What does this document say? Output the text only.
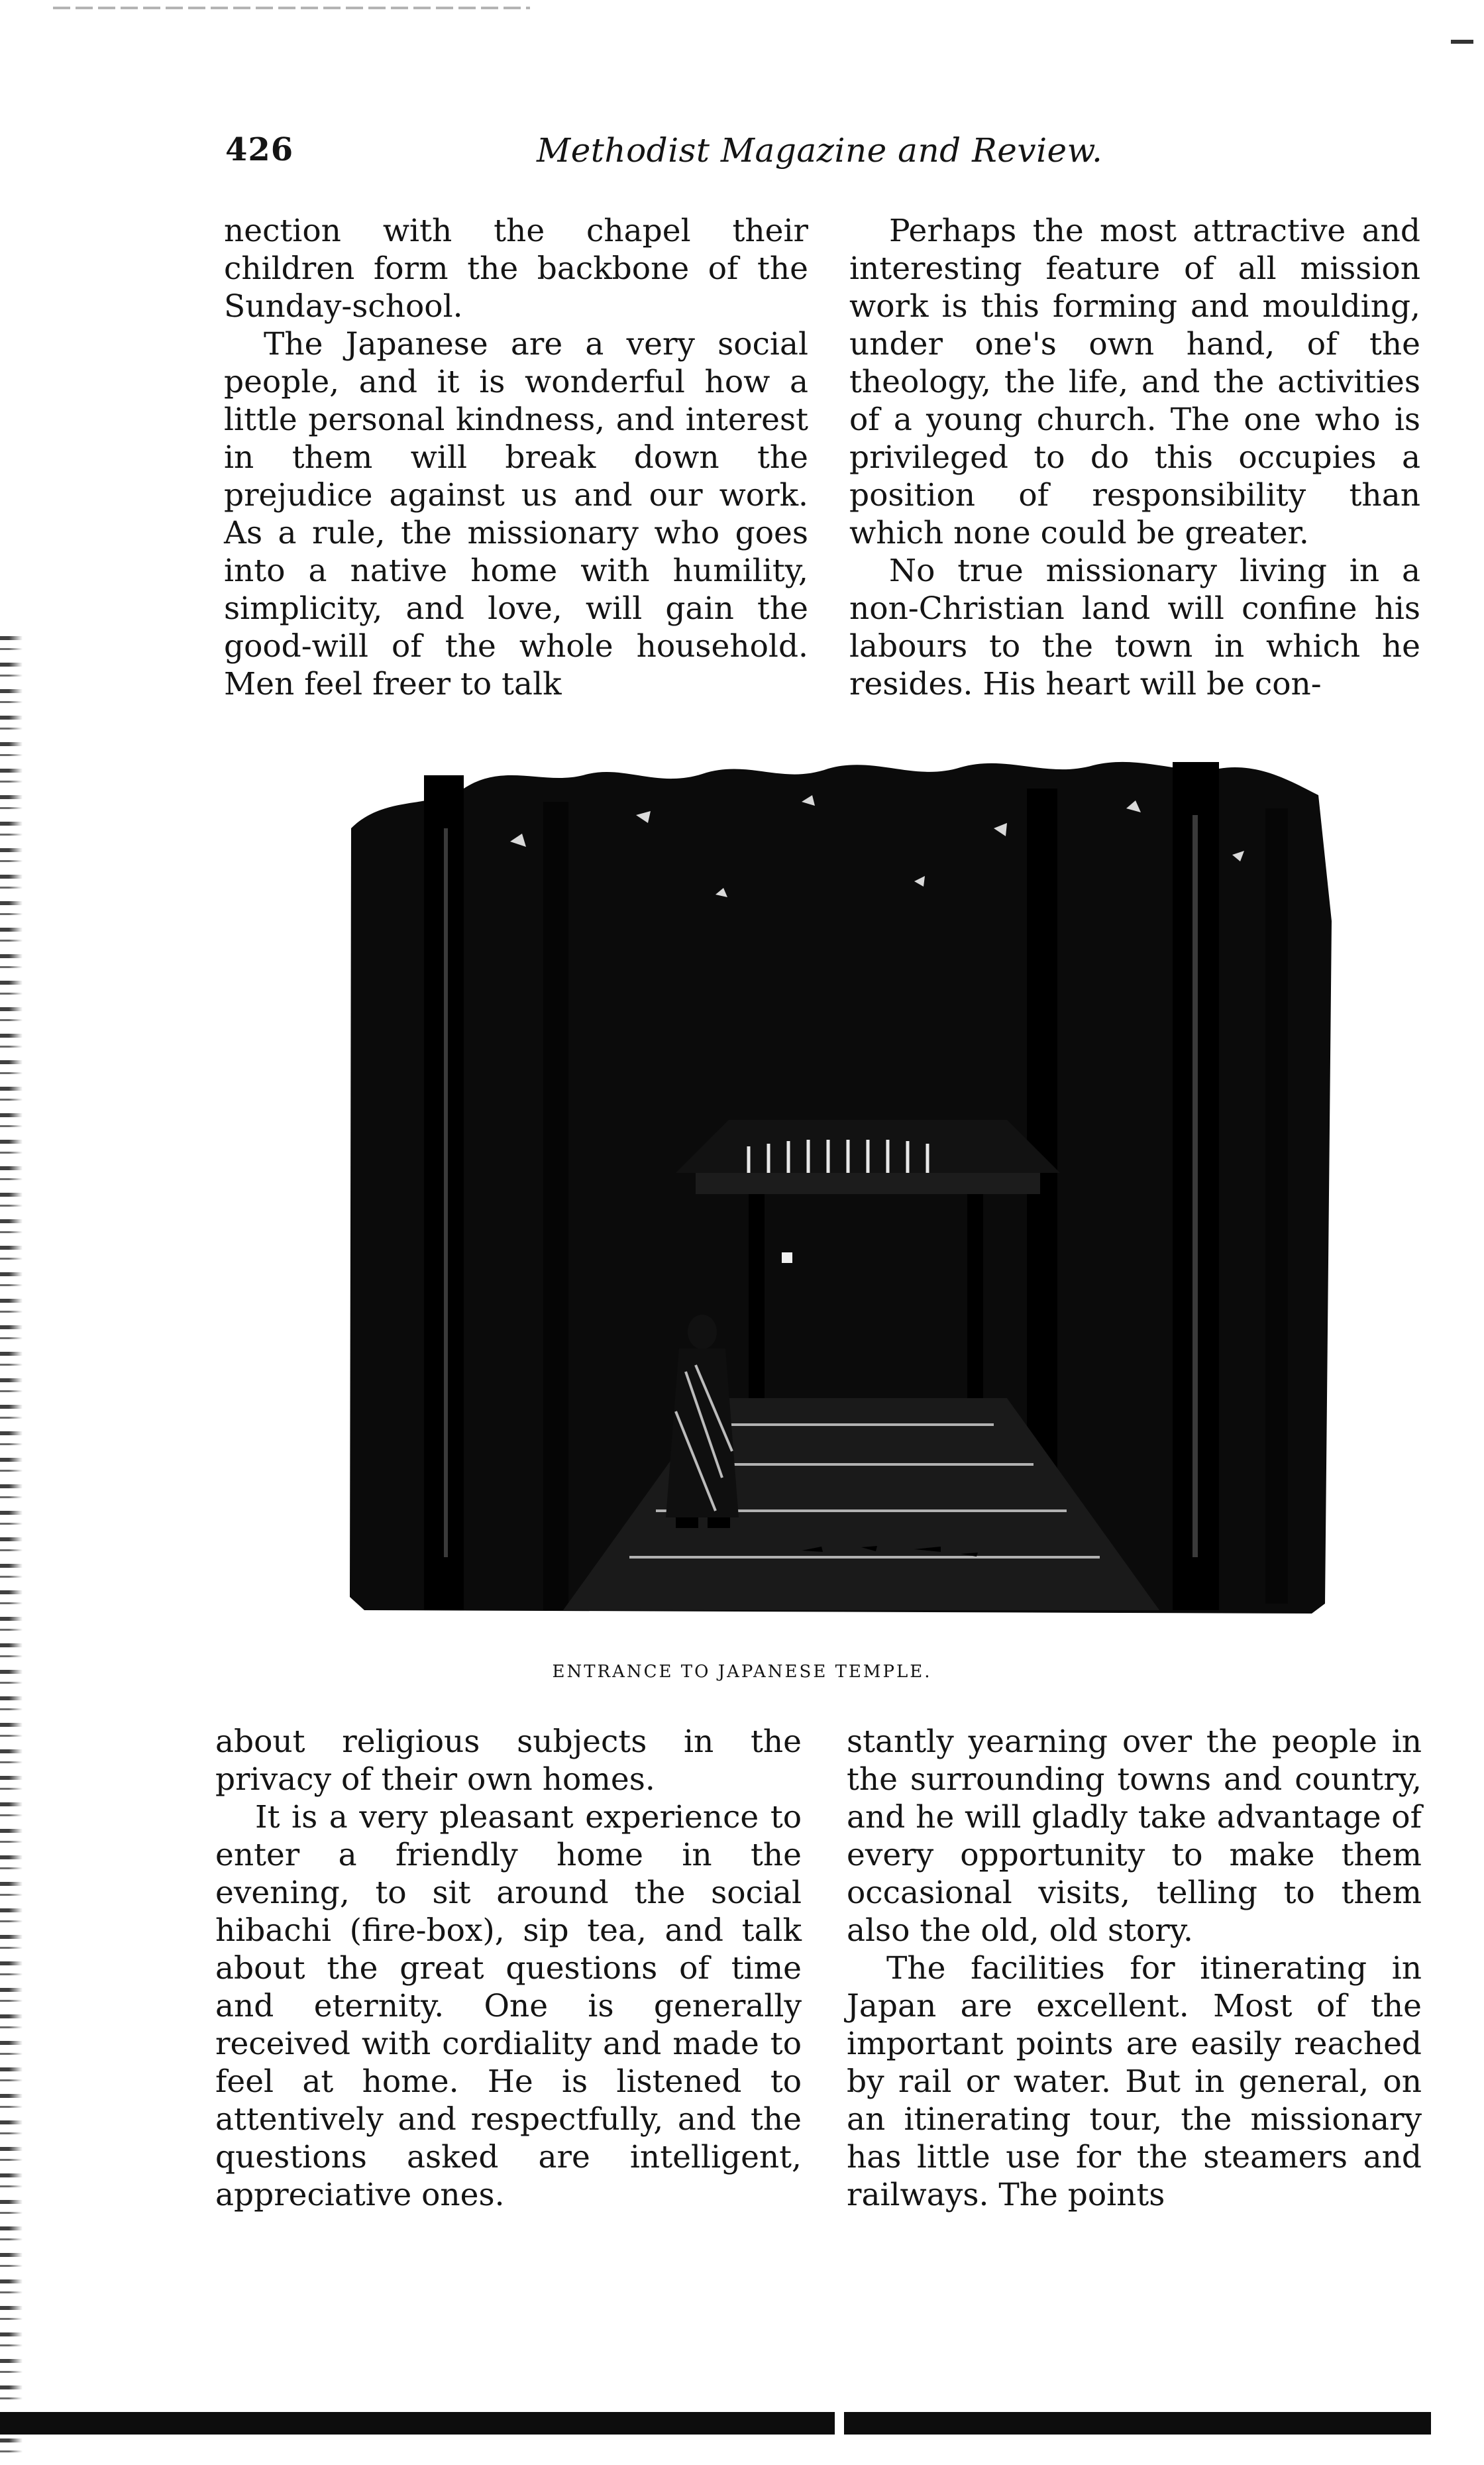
426	Methodist Magazine and Review.

nection with the chapel their children form the backbone of the Sunday-school.

The Japanese are a very social people, and it is wonderful how a little personal kindness, and interest in them will break down the prejudice against us and our work. As a rule, the missionary who goes into a native home with humility, simplicity, and love, will gain the good-will of the whole household. Men feel freer to talk

Perhaps the most attractive and interesting feature of all mission work is this forming and moulding, under one's own hand, of the theology, the life, and the activities of a young church. The one who is privileged to do this occupies a position of responsibility than which none could be greater.

No true missionary living in a non-Christian land will confine his labours to the town in which he resides. His heart will be con-

ENTRANCE TO JAPANESE TEMPLE.

about religious subjects in the privacy of their own homes.

It is a very pleasant experience to enter a friendly home in the evening, to sit around the social hibachi (fire-box), sip tea, and talk about the great questions of time and eternity. One is generally received with cordiality and made to feel at home. He is listened to attentively and respectfully, and the questions asked are intelligent, appreciative ones.

stantly yearning over the people in the surrounding towns and country, and he will gladly take advantage of every opportunity to make them occasional visits, telling to them also the old, old story.

The facilities for itinerating in Japan are excellent. Most of the important points are easily reached by rail or water. But in general, on an itinerating tour, the missionary has little use for the steamers and railways. The points
